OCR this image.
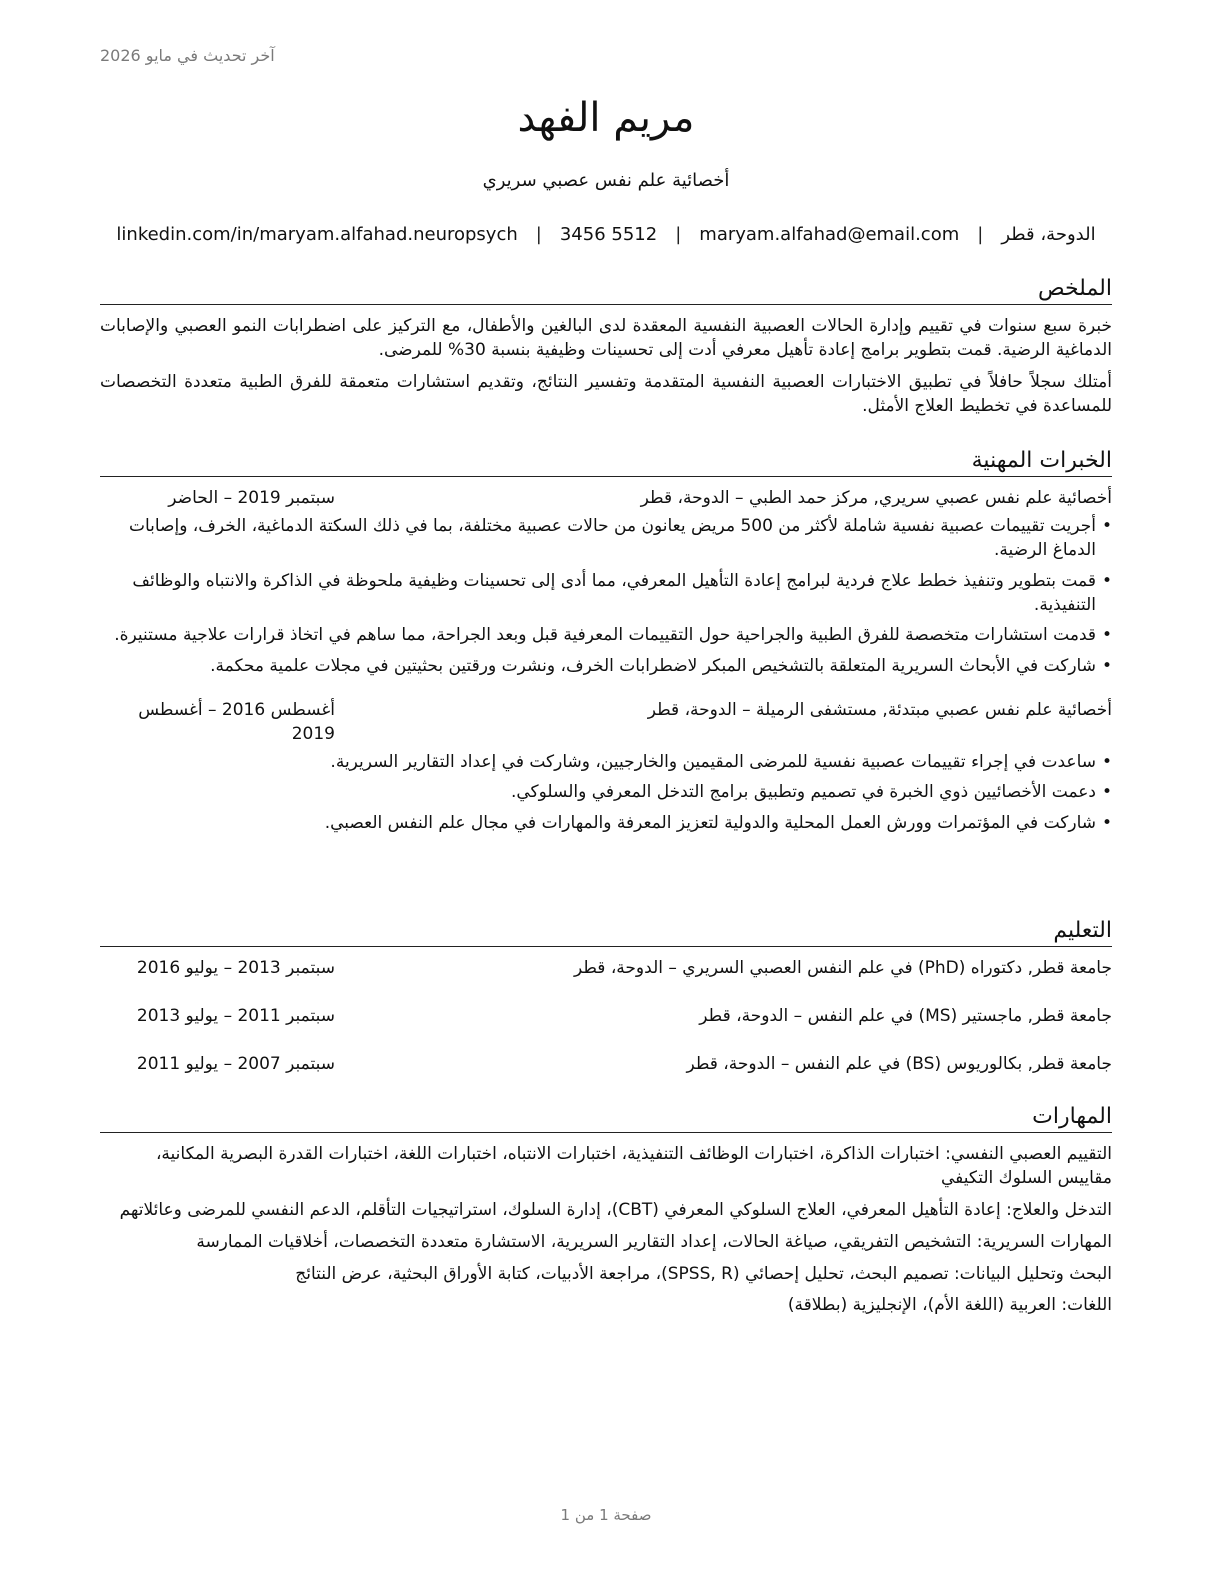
آخر تحديث في مايو 2026
مريم الفهد
أخصائية علم نفس عصبي سريري
الدوحة، قطر
|
maryam.alfahad@email.com
|
3456 5512
|
linkedin.com/in/maryam.alfahad.neuropsych
الملخص

خبرة سبع سنوات في تقييم وإدارة الحالات العصبية النفسية المعقدة لدى البالغين والأطفال، مع التركيز على اضطرابات النمو العصبي والإصابات الدماغية الرضية. قمت بتطوير برامج إعادة تأهيل معرفي أدت إلى تحسينات وظيفية بنسبة 30% للمرضى.

أمتلك سجلاً حافلاً في تطبيق الاختبارات العصبية النفسية المتقدمة وتفسير النتائج، وتقديم استشارات متعمقة للفرق الطبية متعددة التخصصات للمساعدة في تخطيط العلاج الأمثل.

الخبرات المهنية
أخصائية علم نفس عصبي سريري, مركز حمد الطبي – الدوحة، قطر
سبتمبر 2019 – الحاضر
• أجريت تقييمات عصبية نفسية شاملة لأكثر من 500 مريض يعانون من حالات عصبية مختلفة، بما في ذلك السكتة الدماغية، الخرف، وإصابات الدماغ الرضية.
• قمت بتطوير وتنفيذ خطط علاج فردية لبرامج إعادة التأهيل المعرفي، مما أدى إلى تحسينات وظيفية ملحوظة في الذاكرة والانتباه والوظائف التنفيذية.
• قدمت استشارات متخصصة للفرق الطبية والجراحية حول التقييمات المعرفية قبل وبعد الجراحة، مما ساهم في اتخاذ قرارات علاجية مستنيرة.
• شاركت في الأبحاث السريرية المتعلقة بالتشخيص المبكر لاضطرابات الخرف، ونشرت ورقتين بحثيتين في مجلات علمية محكمة.
أخصائية علم نفس عصبي مبتدئة, مستشفى الرميلة – الدوحة، قطر
أغسطس 2016 – أغسطس 2019
• ساعدت في إجراء تقييمات عصبية نفسية للمرضى المقيمين والخارجيين، وشاركت في إعداد التقارير السريرية.
• دعمت الأخصائيين ذوي الخبرة في تصميم وتطبيق برامج التدخل المعرفي والسلوكي.
• شاركت في المؤتمرات وورش العمل المحلية والدولية لتعزيز المعرفة والمهارات في مجال علم النفس العصبي.
التعليم
جامعة قطر, دكتوراه (PhD) في علم النفس العصبي السريري – الدوحة، قطر
سبتمبر 2013 – يوليو 2016
جامعة قطر, ماجستير (MS) في علم النفس – الدوحة، قطر
سبتمبر 2011 – يوليو 2013
جامعة قطر, بكالوريوس (BS) في علم النفس – الدوحة، قطر
سبتمبر 2007 – يوليو 2011
المهارات
التقييم العصبي النفسي: اختبارات الذاكرة، اختبارات الوظائف التنفيذية، اختبارات الانتباه، اختبارات اللغة، اختبارات القدرة البصرية المكانية، مقاييس السلوك التكيفي
التدخل والعلاج: إعادة التأهيل المعرفي، العلاج السلوكي المعرفي (CBT)، إدارة السلوك، استراتيجيات التأقلم، الدعم النفسي للمرضى وعائلاتهم
المهارات السريرية: التشخيص التفريقي، صياغة الحالات، إعداد التقارير السريرية، الاستشارة متعددة التخصصات، أخلاقيات الممارسة
البحث وتحليل البيانات: تصميم البحث، تحليل إحصائي (SPSS, R)، مراجعة الأدبيات، كتابة الأوراق البحثية، عرض النتائج
اللغات: العربية (اللغة الأم)، الإنجليزية (بطلاقة)
صفحة 1 من 1
